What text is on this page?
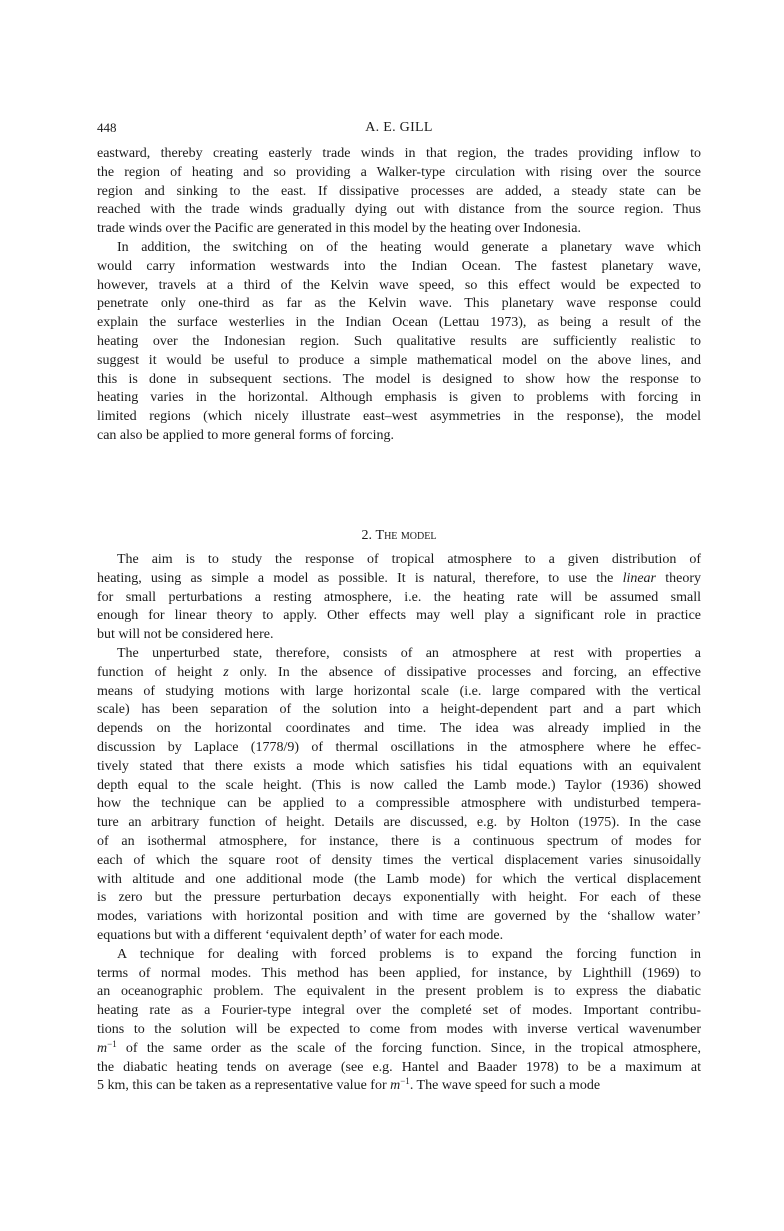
448	A. E. GILL
eastward, thereby creating easterly trade winds in that region, the trades providing inflow to
the region of heating and so providing a Walker-type circulation with rising over the source
region and sinking to the east. If dissipative processes are added, a steady state can be
reached with the trade winds gradually dying out with distance from the source region. Thus
trade winds over the Pacific are generated in this model by the heating over Indonesia.
In addition, the switching on of the heating would generate a planetary wave which
would carry information westwards into the Indian Ocean. The fastest planetary wave,
however, travels at a third of the Kelvin wave speed, so this effect would be expected to
penetrate only one-third as far as the Kelvin wave. This planetary wave response could
explain the surface westerlies in the Indian Ocean (Lettau 1973), as being a result of the
heating over the Indonesian region. Such qualitative results are sufficiently realistic to
suggest it would be useful to produce a simple mathematical model on the above lines, and
this is done in subsequent sections. The model is designed to show how the response to
heating varies in the horizontal. Although emphasis is given to problems with forcing in
limited regions (which nicely illustrate east–west asymmetries in the response), the model
can also be applied to more general forms of forcing.
2. The model
The aim is to study the response of tropical atmosphere to a given distribution of
heating, using as simple a model as possible. It is natural, therefore, to use the linear theory
for small perturbations a resting atmosphere, i.e. the heating rate will be assumed small
enough for linear theory to apply. Other effects may well play a significant role in practice
but will not be considered here.
The unperturbed state, therefore, consists of an atmosphere at rest with properties a
function of height z only. In the absence of dissipative processes and forcing, an effective
means of studying motions with large horizontal scale (i.e. large compared with the vertical
scale) has been separation of the solution into a height-dependent part and a part which
depends on the horizontal coordinates and time. The idea was already implied in the
discussion by Laplace (1778/9) of thermal oscillations in the atmosphere where he effec-
tively stated that there exists a mode which satisfies his tidal equations with an equivalent
depth equal to the scale height. (This is now called the Lamb mode.) Taylor (1936) showed
how the technique can be applied to a compressible atmosphere with undisturbed tempera-
ture an arbitrary function of height. Details are discussed, e.g. by Holton (1975). In the case
of an isothermal atmosphere, for instance, there is a continuous spectrum of modes for
each of which the square root of density times the vertical displacement varies sinusoidally
with altitude and one additional mode (the Lamb mode) for which the vertical displacement
is zero but the pressure perturbation decays exponentially with height. For each of these
modes, variations with horizontal position and with time are governed by the ‘shallow water’
equations but with a different ‘equivalent depth’ of water for each mode.
A technique for dealing with forced problems is to expand the forcing function in
terms of normal modes. This method has been applied, for instance, by Lighthill (1969) to
an oceanographic problem. The equivalent in the present problem is to express the diabatic
heating rate as a Fourier-type integral over the completé set of modes. Important contribu-
tions to the solution will be expected to come from modes with inverse vertical wavenumber
$m^{-1}$ of the same order as the scale of the forcing function. Since, in the tropical atmosphere,
the diabatic heating tends on average (see e.g. Hantel and Baader 1978) to be a maximum at
5 km, this can be taken as a representative value for $m^{-1}$. The wave speed for such a mode
